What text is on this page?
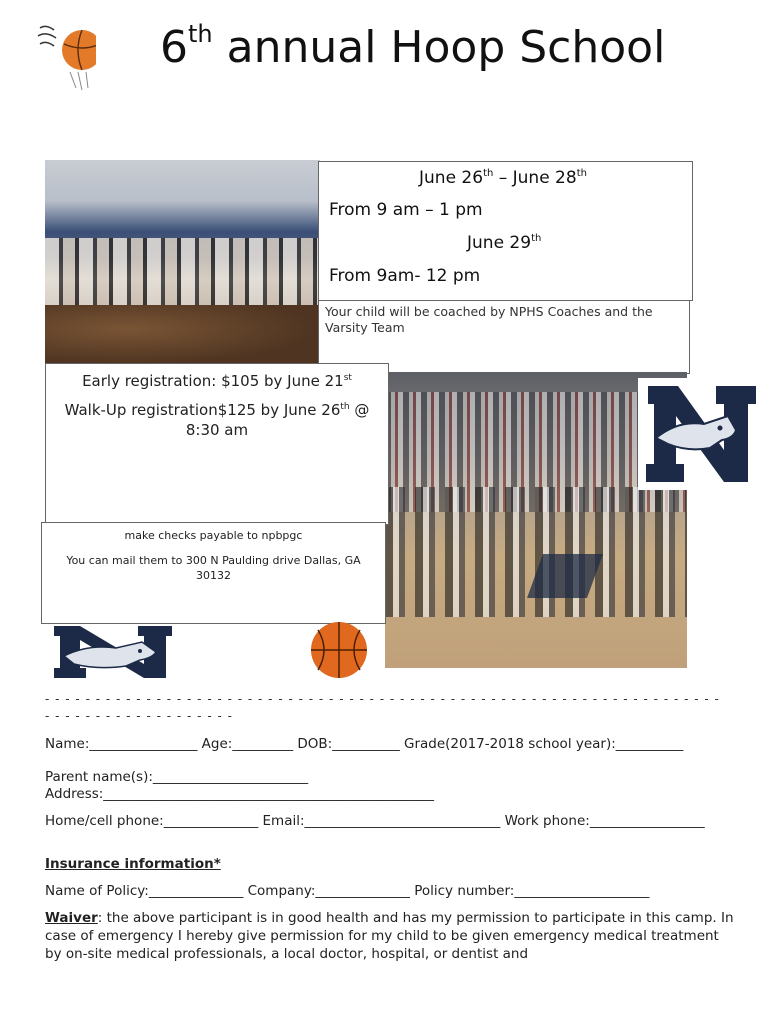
6th annual Hoop School
June 26th – June 28th
From 9 am – 1 pm
June 29th
From 9am- 12 pm
Your child will be coached by NPHS Coaches and the Varsity Team
Early registration: $105 by June 21st
Walk-Up registration$125 by June 26th @ 8:30 am
make checks payable to npbpgc
You can mail them to 300 N Paulding drive Dallas, GA 30132
- - - - - - - - - - - - - - - - - - - - - - - - - - - - - - - - - - - - - - - - - - - - - - - - - - - - - - - - - - - - - - - - - - -
- - - - - - - - - - - - - - - - - - -
Name:________________ Age:_________ DOB:__________ Grade(2017-2018 school year):__________
Parent name(s):_______________________
Address:_________________________________________________
Home/cell phone:______________ Email:_____________________________ Work phone:_________________
Insurance information*
Name of Policy:______________ Company:______________ Policy number:____________________
Waiver: the above participant is in good health and has my permission to participate in this camp. In case of emergency I hereby give permission for my child to be given emergency medical treatment by on-site medical professionals, a local doctor, hospital, or dentist and
